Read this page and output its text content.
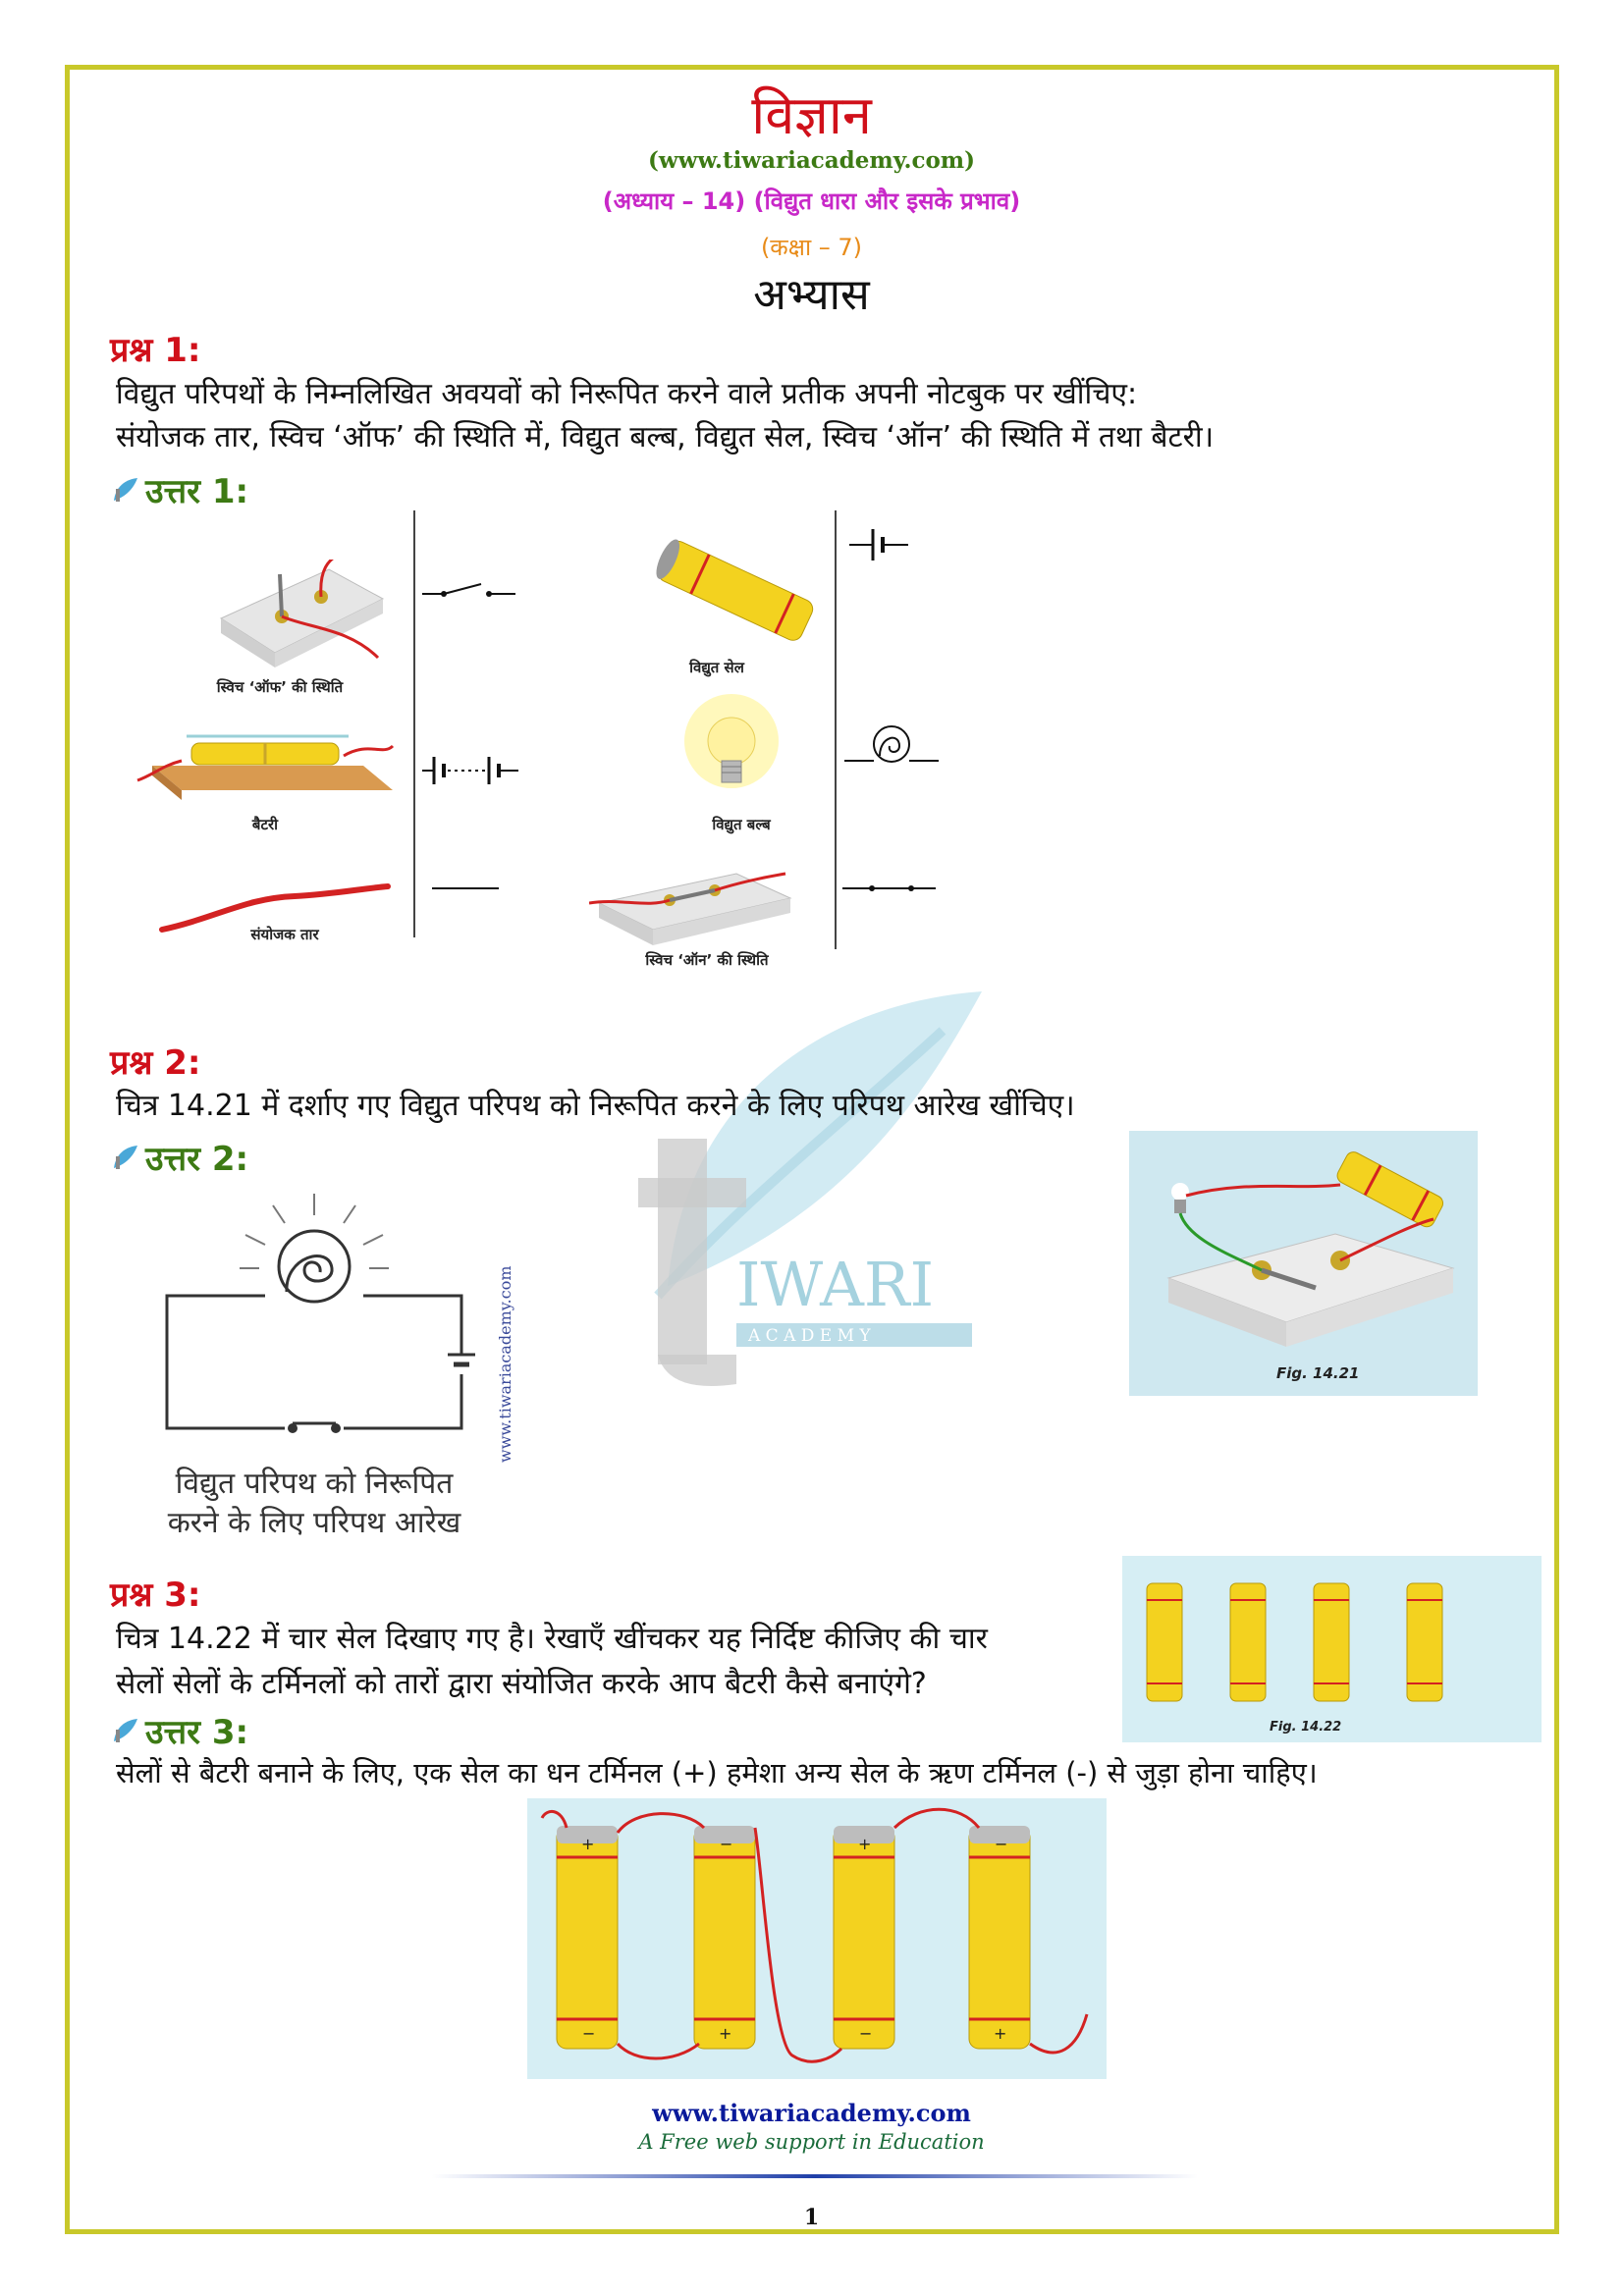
विज्ञान
(www.tiwariacademy.com)
(अध्याय – 14) (विद्युत धारा और इसके प्रभाव)
(कक्षा – 7)
अभ्यास
IWARI
A C A D E M Y
प्रश्न 1:
विद्युत परिपथों के निम्नलिखित अवयवों को निरूपित करने वाले प्रतीक अपनी नोटबुक पर खींचिए:
संयोजक तार, स्विच ‘ऑफ’ की स्थिति में, विद्युत बल्ब, विद्युत सेल, स्विच ‘ऑन’ की स्थिति में तथा बैटरी।
उत्तर 1:
स्विच ‘ऑफ’ की स्थिति
विद्युत सेल
बैटरी	विद्युत बल्ब
संयोजक तार
स्विच ‘ऑन’ की स्थिति
प्रश्न 2:
चित्र 14.21 में दर्शाए गए विद्युत परिपथ को निरूपित करने के लिए परिपथ आरेख खींचिए।
उत्तर 2:
www.tiwariacademy.com
विद्युत परिपथ को निरूपित
करने के लिए परिपथ आरेख
Fig. 14.21
प्रश्न 3:
चित्र 14.22 में चार सेल दिखाए गए है। रेखाएँ खींचकर यह निर्दिष्ट कीजिए की चार
सेलों सेलों के टर्मिनलों को तारों द्वारा संयोजित करके आप बैटरी कैसे बनाएंगे?
उत्तर 3:
सेलों से बैटरी बनाने के लिए, एक सेल का धन टर्मिनल (+) हमेशा अन्य सेल के ऋण टर्मिनल (-) से जुड़ा होना चाहिए।
Fig. 14.22
+
−
−
+
+
−
−
+
www.tiwariacademy.com
A Free web support in Education
1
